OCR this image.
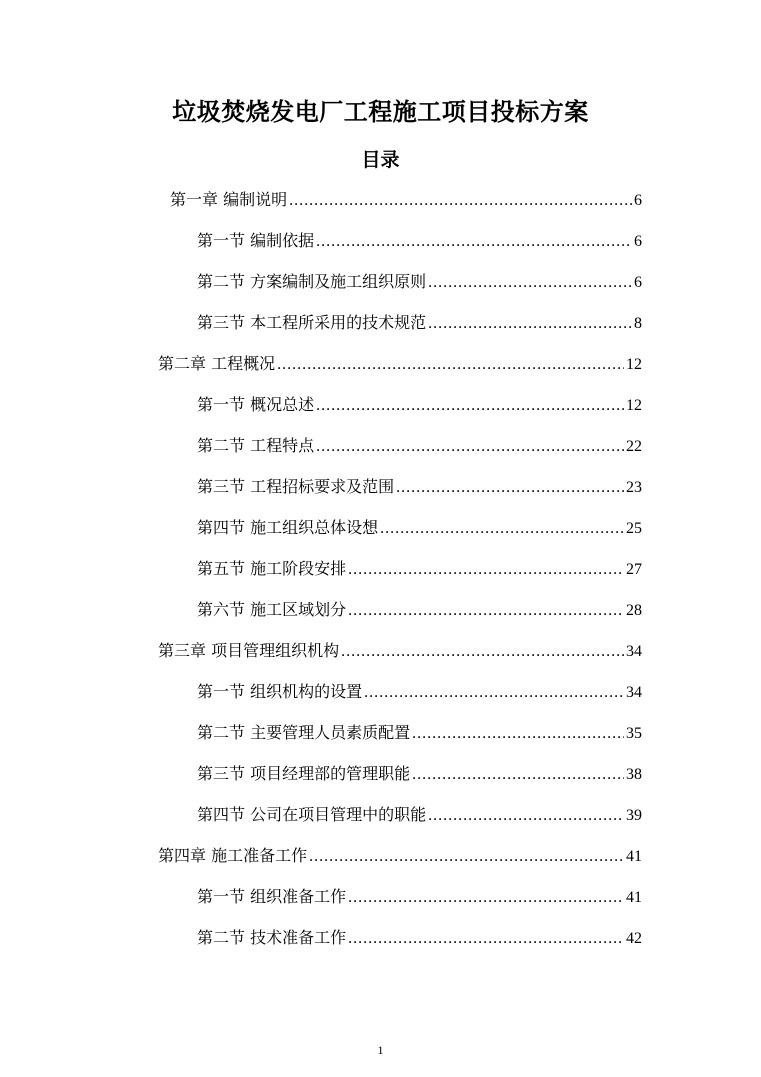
垃圾焚烧发电厂工程施工项目投标方案
目录
第一章 编制说明 .....	6
第一节 编制依据 .....	6
第二节 方案编制及施工组织原则 .....	6
第三节 本工程所采用的技术规范 .....	8
第二章 工程概况 .....	12
第一节 概况总述 .....	12
第二节 工程特点 .....	22
第三节 工程招标要求及范围 .....	23
第四节 施工组织总体设想 .....	25
第五节 施工阶段安排 .....	27
第六节 施工区域划分 .....	28
第三章 项目管理组织机构 .....	34
第一节 组织机构的设置 .....	34
第二节 主要管理人员素质配置 .....	35
第三节 项目经理部的管理职能 .....	38
第四节 公司在项目管理中的职能 .....	39
第四章 施工准备工作 .....	41
第一节 组织准备工作 .....	41
第二节 技术准备工作 .....	42
1
